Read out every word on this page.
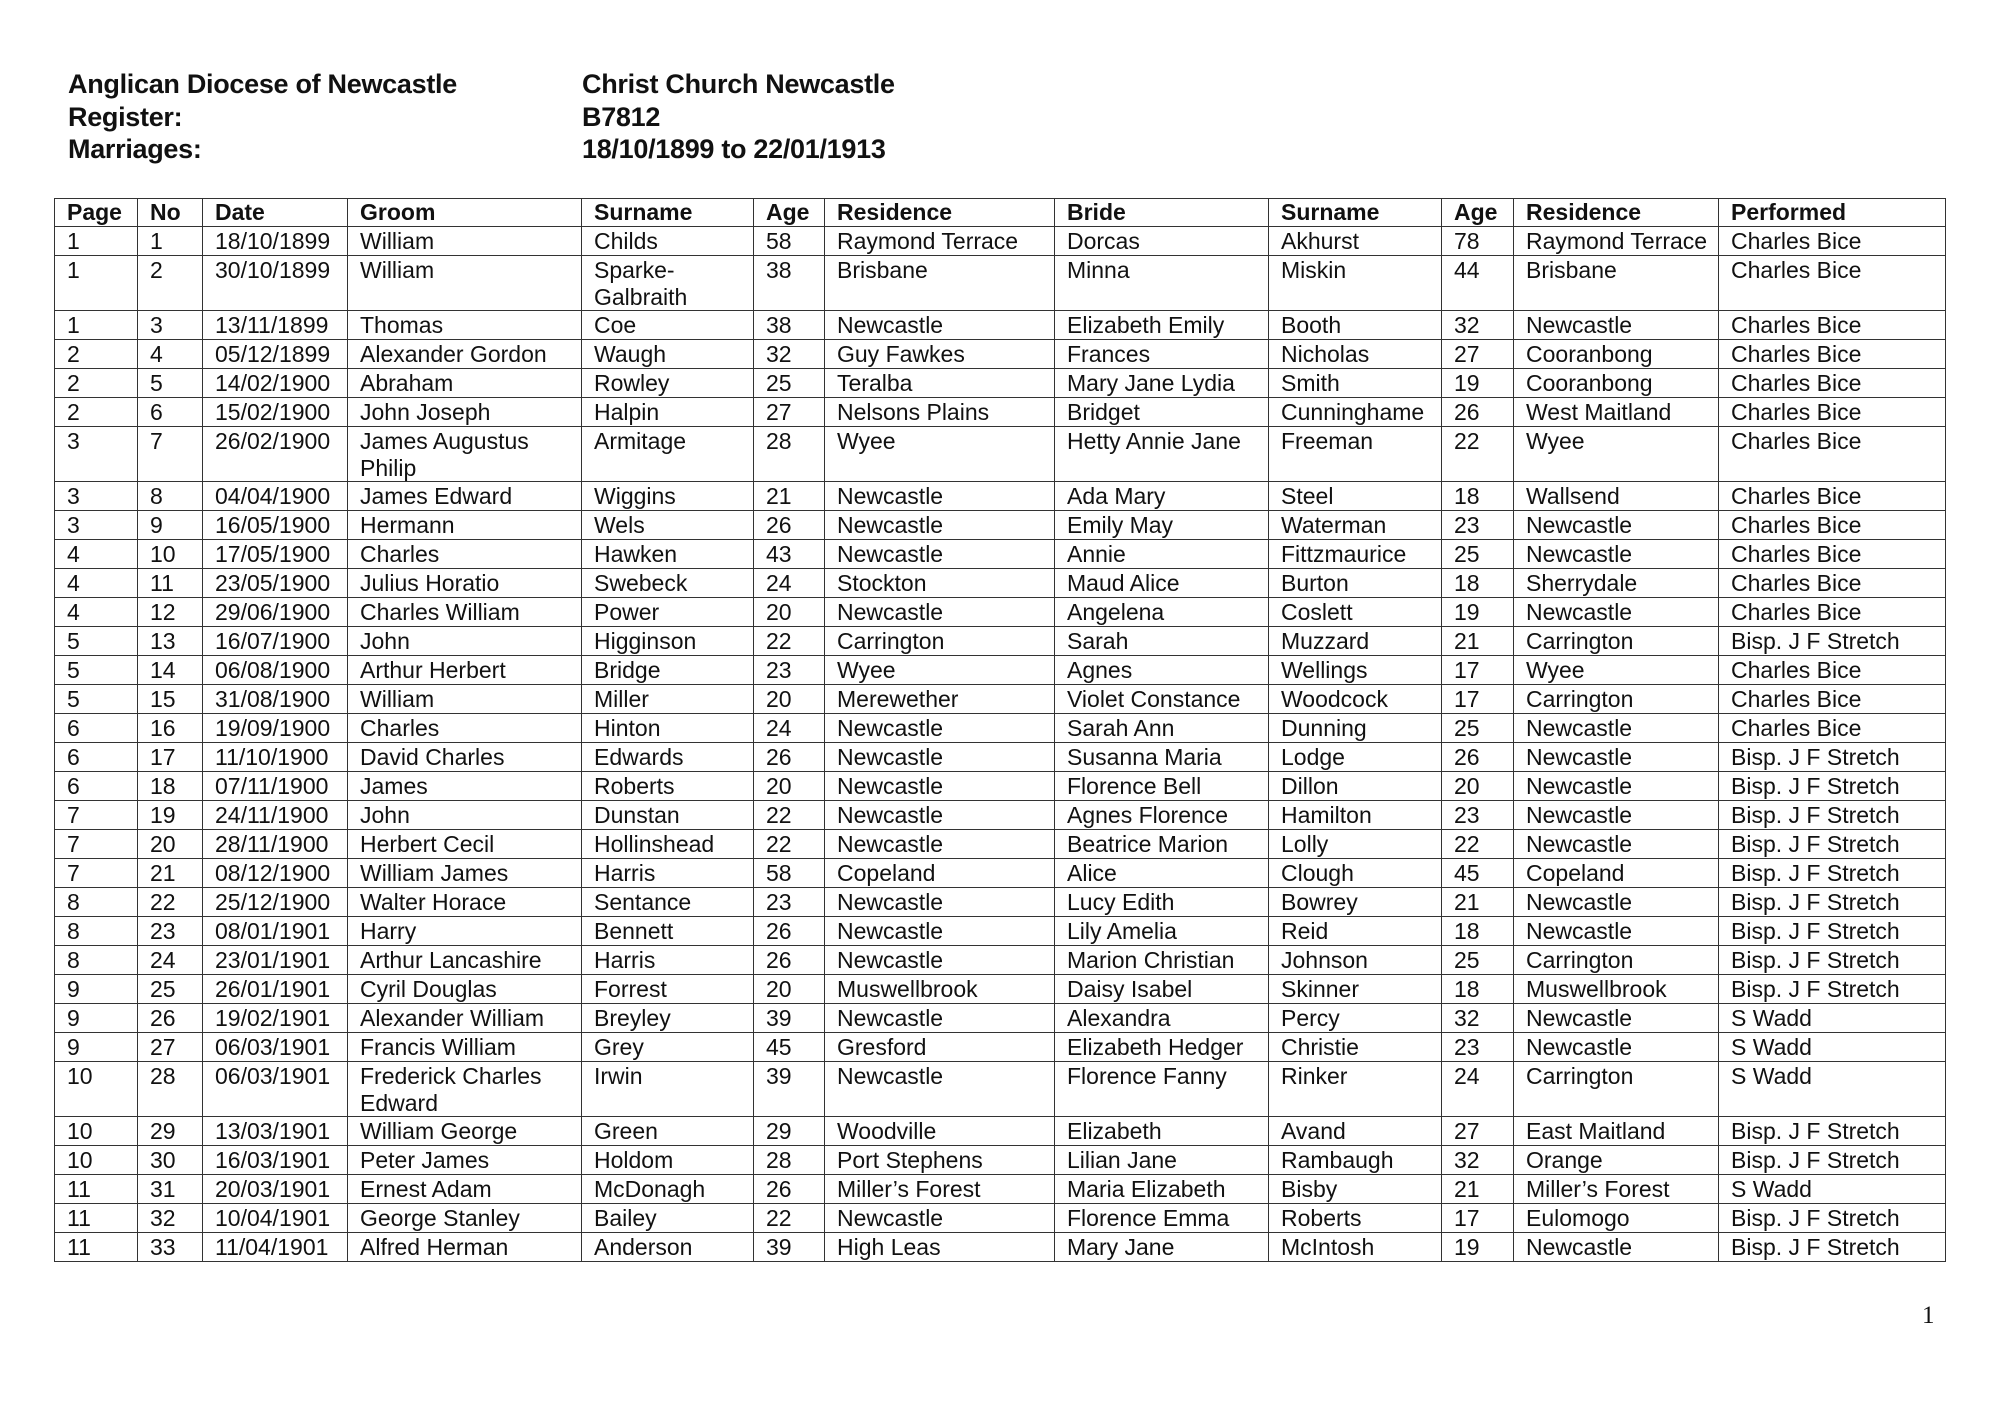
Anglican Diocese of Newcastle
Register:
Marriages:
Christ Church Newcastle
B7812
18/10/1899 to 22/01/1913
Page	No	Date	Groom	Surname	Age	Residence	Bride	Surname	Age	Residence	Performed
1	1	18/10/1899	William	Childs	58	Raymond Terrace	Dorcas	Akhurst	78	Raymond Terrace	Charles Bice
1	2	30/10/1899	William	Sparke-Galbraith	38	Brisbane	Minna	Miskin	44	Brisbane	Charles Bice
1	3	13/11/1899	Thomas	Coe	38	Newcastle	Elizabeth Emily	Booth	32	Newcastle	Charles Bice
2	4	05/12/1899	Alexander Gordon	Waugh	32	Guy Fawkes	Frances	Nicholas	27	Cooranbong	Charles Bice
2	5	14/02/1900	Abraham	Rowley	25	Teralba	Mary Jane Lydia	Smith	19	Cooranbong	Charles Bice
2	6	15/02/1900	John Joseph	Halpin	27	Nelsons Plains	Bridget	Cunninghame	26	West Maitland	Charles Bice
3	7	26/02/1900	James Augustus Philip	Armitage	28	Wyee	Hetty Annie Jane	Freeman	22	Wyee	Charles Bice
3	8	04/04/1900	James Edward	Wiggins	21	Newcastle	Ada Mary	Steel	18	Wallsend	Charles Bice
3	9	16/05/1900	Hermann	Wels	26	Newcastle	Emily May	Waterman	23	Newcastle	Charles Bice
4	10	17/05/1900	Charles	Hawken	43	Newcastle	Annie	Fittzmaurice	25	Newcastle	Charles Bice
4	11	23/05/1900	Julius Horatio	Swebeck	24	Stockton	Maud Alice	Burton	18	Sherrydale	Charles Bice
4	12	29/06/1900	Charles William	Power	20	Newcastle	Angelena	Coslett	19	Newcastle	Charles Bice
5	13	16/07/1900	John	Higginson	22	Carrington	Sarah	Muzzard	21	Carrington	Bisp. J F Stretch
5	14	06/08/1900	Arthur Herbert	Bridge	23	Wyee	Agnes	Wellings	17	Wyee	Charles Bice
5	15	31/08/1900	William	Miller	20	Merewether	Violet Constance	Woodcock	17	Carrington	Charles Bice
6	16	19/09/1900	Charles	Hinton	24	Newcastle	Sarah Ann	Dunning	25	Newcastle	Charles Bice
6	17	11/10/1900	David Charles	Edwards	26	Newcastle	Susanna Maria	Lodge	26	Newcastle	Bisp. J F Stretch
6	18	07/11/1900	James	Roberts	20	Newcastle	Florence Bell	Dillon	20	Newcastle	Bisp. J F Stretch
7	19	24/11/1900	John	Dunstan	22	Newcastle	Agnes Florence	Hamilton	23	Newcastle	Bisp. J F Stretch
7	20	28/11/1900	Herbert Cecil	Hollinshead	22	Newcastle	Beatrice Marion	Lolly	22	Newcastle	Bisp. J F Stretch
7	21	08/12/1900	William James	Harris	58	Copeland	Alice	Clough	45	Copeland	Bisp. J F Stretch
8	22	25/12/1900	Walter Horace	Sentance	23	Newcastle	Lucy Edith	Bowrey	21	Newcastle	Bisp. J F Stretch
8	23	08/01/1901	Harry	Bennett	26	Newcastle	Lily Amelia	Reid	18	Newcastle	Bisp. J F Stretch
8	24	23/01/1901	Arthur Lancashire	Harris	26	Newcastle	Marion Christian	Johnson	25	Carrington	Bisp. J F Stretch
9	25	26/01/1901	Cyril Douglas	Forrest	20	Muswellbrook	Daisy Isabel	Skinner	18	Muswellbrook	Bisp. J F Stretch
9	26	19/02/1901	Alexander William	Breyley	39	Newcastle	Alexandra	Percy	32	Newcastle	S Wadd
9	27	06/03/1901	Francis William	Grey	45	Gresford	Elizabeth Hedger	Christie	23	Newcastle	S Wadd
10	28	06/03/1901	Frederick Charles Edward	Irwin	39	Newcastle	Florence Fanny	Rinker	24	Carrington	S Wadd
10	29	13/03/1901	William George	Green	29	Woodville	Elizabeth	Avand	27	East Maitland	Bisp. J F Stretch
10	30	16/03/1901	Peter James	Holdom	28	Port Stephens	Lilian Jane	Rambaugh	32	Orange	Bisp. J F Stretch
11	31	20/03/1901	Ernest Adam	McDonagh	26	Miller’s Forest	Maria Elizabeth	Bisby	21	Miller’s Forest	S Wadd
11	32	10/04/1901	George Stanley	Bailey	22	Newcastle	Florence Emma	Roberts	17	Eulomogo	Bisp. J F Stretch
11	33	11/04/1901	Alfred Herman	Anderson	39	High Leas	Mary Jane	McIntosh	19	Newcastle	Bisp. J F Stretch
1
